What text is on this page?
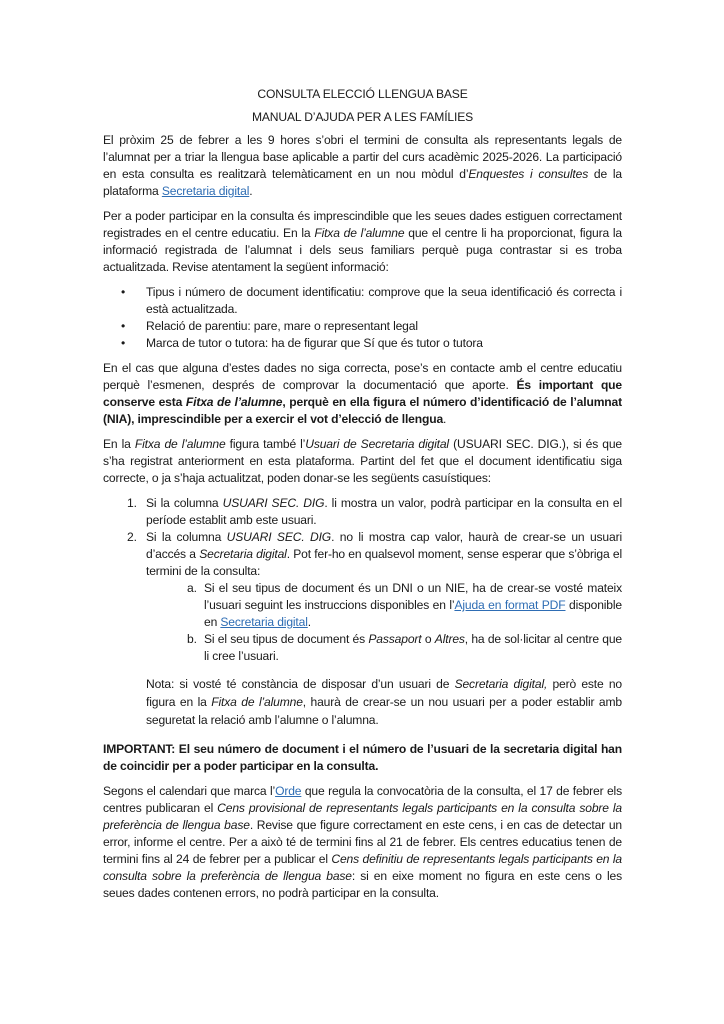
CONSULTA ELECCIÓ LLENGUA BASE
MANUAL D’AJUDA PER A LES FAMÍLIES

El pròxim 25 de febrer a les 9 hores s’obri el termini de consulta als representants legals de l’alumnat per a triar la llengua base aplicable a partir del curs acadèmic 2025-2026. La participació en esta consulta es realitzarà telemàticament en un nou mòdul d’Enquestes i consultes de la plataforma Secretaria digital.

Per a poder participar en la consulta és imprescindible que les seues dades estiguen correctament registrades en el centre educatiu. En la Fitxa de l’alumne que el centre li ha proporcionat, figura la informació registrada de l’alumnat i dels seus familiars perquè puga contrastar si es troba actualitzada. Revise atentament la següent informació:

• Tipus i número de document identificatiu: comprove que la seua identificació és correcta i està actualitzada.
• Relació de parentiu: pare, mare o representant legal
• Marca de tutor o tutora: ha de figurar que Sí que és tutor o tutora

En el cas que alguna d’estes dades no siga correcta, pose’s en contacte amb el centre educatiu perquè l’esmenen, després de comprovar la documentació que aporte. És important que conserve esta Fitxa de l’alumne, perquè en ella figura el número d’identificació de l’alumnat (NIA), imprescindible per a exercir el vot d’elecció de llengua.

En la Fitxa de l’alumne figura també l’Usuari de Secretaria digital (USUARI SEC. DIG.), si és que s’ha registrat anteriorment en esta plataforma. Partint del fet que el document identificatiu siga correcte, o ja s’haja actualitzat, poden donar-se les següents casuístiques:

1. Si la columna USUARI SEC. DIG. li mostra un valor, podrà participar en la consulta en el període establit amb este usuari.
2. Si la columna USUARI SEC. DIG. no li mostra cap valor, haurà de crear-se un usuari d’accés a Secretaria digital. Pot fer-ho en qualsevol moment, sense esperar que s’òbriga el termini de la consulta:
a. Si el seu tipus de document és un DNI o un NIE, ha de crear-se vosté mateix l’usuari seguint les instruccions disponibles en l’Ajuda en format PDF disponible en Secretaria digital.
b. Si el seu tipus de document és Passaport o Altres, ha de sol·licitar al centre que li cree l’usuari.
Nota: si vosté té constància de disposar d’un usuari de Secretaria digital, però este no figura en la Fitxa de l’alumne, haurà de crear-se un nou usuari per a poder establir amb seguretat la relació amb l’alumne o l’alumna.

IMPORTANT: El seu número de document i el número de l’usuari de la secretaria digital han de coincidir per a poder participar en la consulta.

Segons el calendari que marca l’Orde que regula la convocatòria de la consulta, el 17 de febrer els centres publicaran el Cens provisional de representants legals participants en la consulta sobre la preferència de llengua base. Revise que figure correctament en este cens, i en cas de detectar un error, informe el centre. Per a això té de termini fins al 21 de febrer. Els centres educatius tenen de termini fins al 24 de febrer per a publicar el Cens definitiu de representants legals participants en la consulta sobre la preferència de llengua base: si en eixe moment no figura en este cens o les seues dades contenen errors, no podrà participar en la consulta.
